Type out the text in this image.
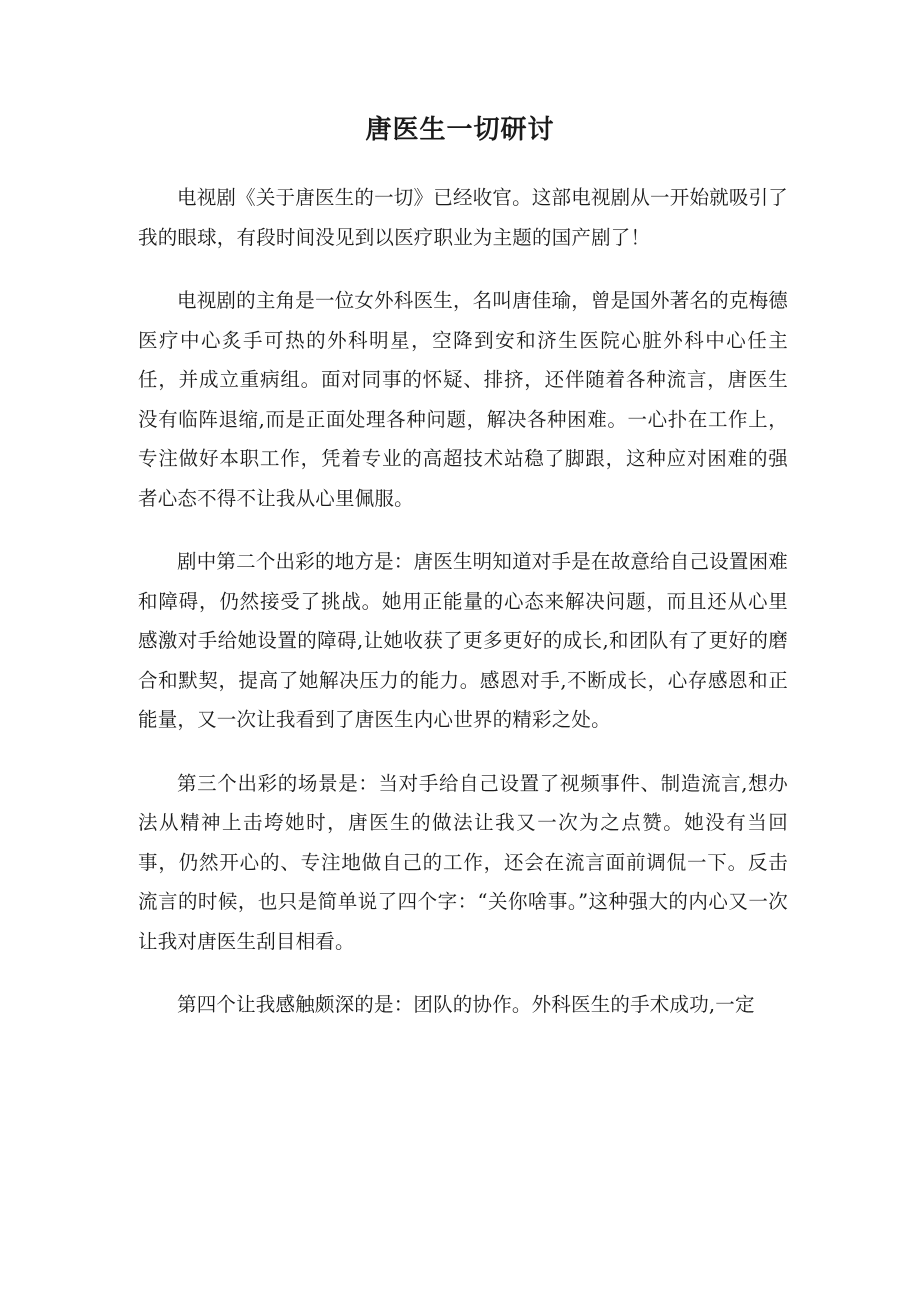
唐医生一切研讨

电视剧《关于唐医生的一切》已经收官。这部电视剧从一开始就吸引了我的眼球，有段时间没见到以医疗职业为主题的国产剧了！

电视剧的主角是一位女外科医生，名叫唐佳瑜，曾是国外著名的克梅德医疗中心炙手可热的外科明星，空降到安和济生医院心脏外科中心任主任，并成立重病组。面对同事的怀疑、排挤，还伴随着各种流言，唐医生没有临阵退缩,而是正面处理各种问题，解决各种困难。一心扑在工作上，专注做好本职工作，凭着专业的高超技术站稳了脚跟，这种应对困难的强者心态不得不让我从心里佩服。

剧中第二个出彩的地方是：唐医生明知道对手是在故意给自己设置困难和障碍，仍然接受了挑战。她用正能量的心态来解决问题，而且还从心里感激对手给她设置的障碍,让她收获了更多更好的成长,和团队有了更好的磨合和默契，提高了她解决压力的能力。感恩对手,不断成长，心存感恩和正能量，又一次让我看到了唐医生内心世界的精彩之处。

第三个出彩的场景是：当对手给自己设置了视频事件、制造流言,想办法从精神上击垮她时，唐医生的做法让我又一次为之点赞。她没有当回事，仍然开心的、专注地做自己的工作，还会在流言面前调侃一下。反击流言的时候，也只是简单说了四个字：“关你啥事。”这种强大的内心又一次让我对唐医生刮目相看。

第四个让我感触颇深的是：团队的协作。外科医生的手术成功,一定
